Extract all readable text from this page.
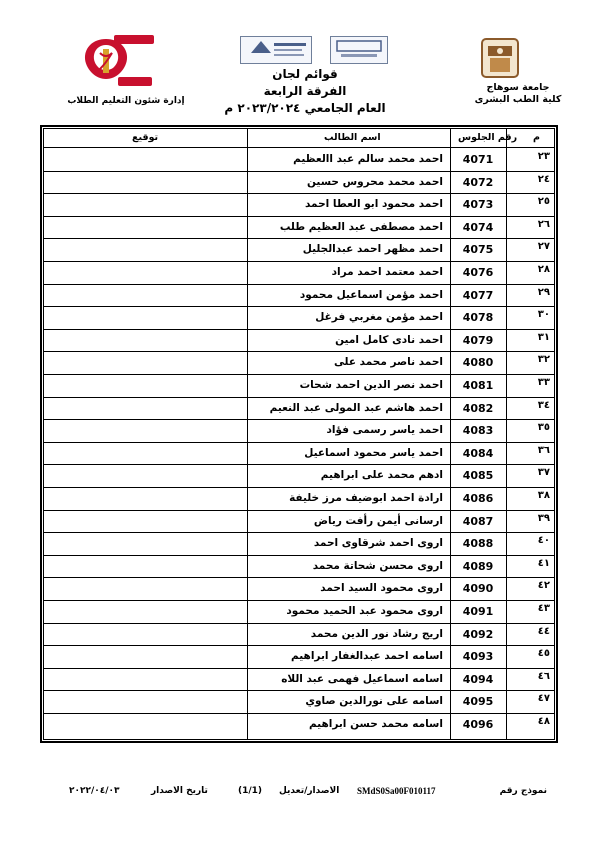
جامعة سوهاج
كلية الطب البشرى
قوائم لجان
الفرقة الرابعة
العام الجامعي ٢٠٢٣/٢٠٢٤ م
إدارة شئون التعليم الطلاب
م
رقم الجلوس
اسم الطالب
توقيع
٢٣
4071
احمد محمد سالم عبد االعظيم
٢٤
4072
احمد محمد محروس حسين
٢٥
4073
احمد محمود ابو العطا احمد
٢٦
4074
احمد مصطفى عبد العظيم طلب
٢٧
4075
احمد مظهر احمد عبدالجليل
٢٨
4076
احمد معتمد احمد مراد
٢٩
4077
احمد مؤمن اسماعيل محمود
٣٠
4078
احمد مؤمن مغربي فرغل
٣١
4079
احمد نادى كامل امين
٣٢
4080
احمد ناصر محمد على
٣٣
4081
احمد نصر الدين احمد شحات
٣٤
4082
احمد هاشم عبد المولى عبد النعيم
٣٥
4083
احمد ياسر رسمى فؤاد
٣٦
4084
احمد ياسر محمود اسماعيل
٣٧
4085
ادهم محمد على ابراهيم
٣٨
4086
ارادة احمد ابوضيف مرز خليفة
٣٩
4087
ارسانى أيمن رأفت رياض
٤٠
4088
اروى احمد شرقاوى احمد
٤١
4089
اروى محسن شحاتة محمد
٤٢
4090
اروى محمود السيد احمد
٤٣
4091
اروى محمود عبد الحميد محمود
٤٤
4092
اريج رشاد نور الدين محمد
٤٥
4093
اسامه احمد عبدالغفار ابراهيم
٤٦
4094
اسامه اسماعيل فهمى عبد اللاه
٤٧
4095
اسامه على نورالدين صاوي
٤٨
4096
اسامه محمد حسن ابراهيم
نموذج رقم
SMdS0Sa00F010117
الاصدار/تعديل
(1/1)
تاريخ الاصدار
٢٠٢٢/٠٤/٠٣
